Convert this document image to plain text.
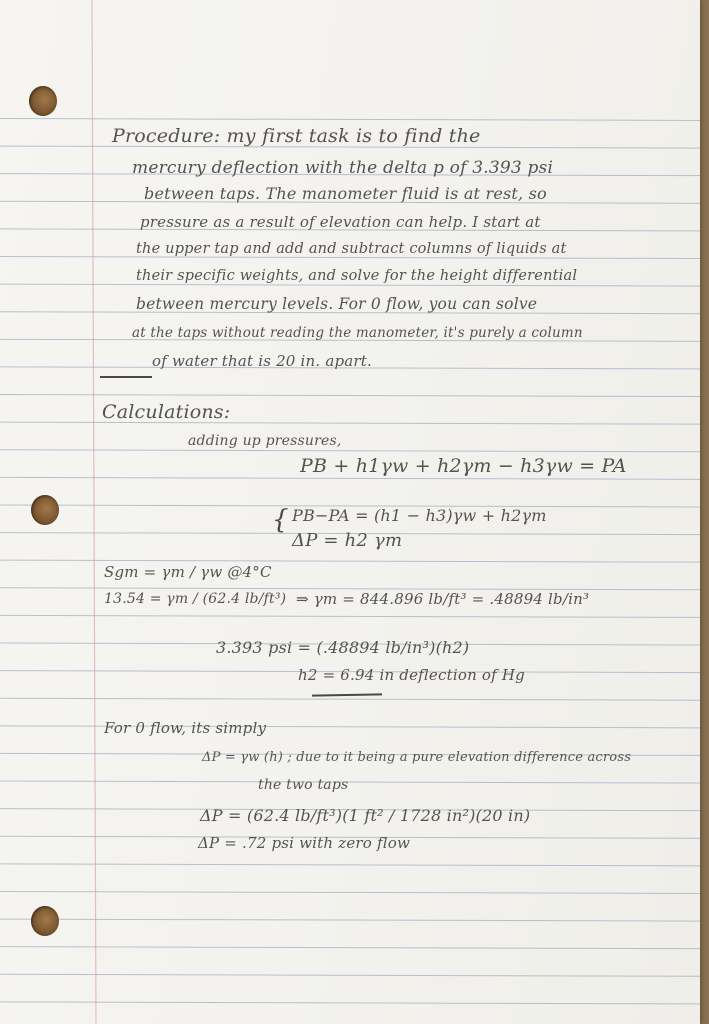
Procedure: my first task is to find the
mercury deflection with the delta p of 3.393 psi
between taps. The manometer fluid is at rest, so
pressure as a result of elevation can help. I start at
the upper tap and add and subtract columns of liquids at
their specific weights, and solve for the height differential
between mercury levels. For 0 flow, you can solve
at the taps without reading the manometer, it's purely a column
of water that is 20 in. apart.
Calculations:
adding up pressures,
PB + h1γw + h2γm − h3γw = PA
{ PB−PA = (h1 − h3)γw + h2γm
ΔP = h2 γm
Sgm = γm / γw @4°C
13.54 = γm / (62.4 lb/ft³) ⇒ γm = 844.896 lb/ft³ = .48894 lb/in³
3.393 psi = (.48894 lb/in³)(h2)
h2 = 6.94 in deflection of Hg
For 0 flow, its simply
ΔP = γw (h) ; due to it being a pure elevation difference across
the two taps
ΔP = (62.4 lb/ft³)(1 ft² / 1728 in²)(20 in)
ΔP = .72 psi with zero flow
